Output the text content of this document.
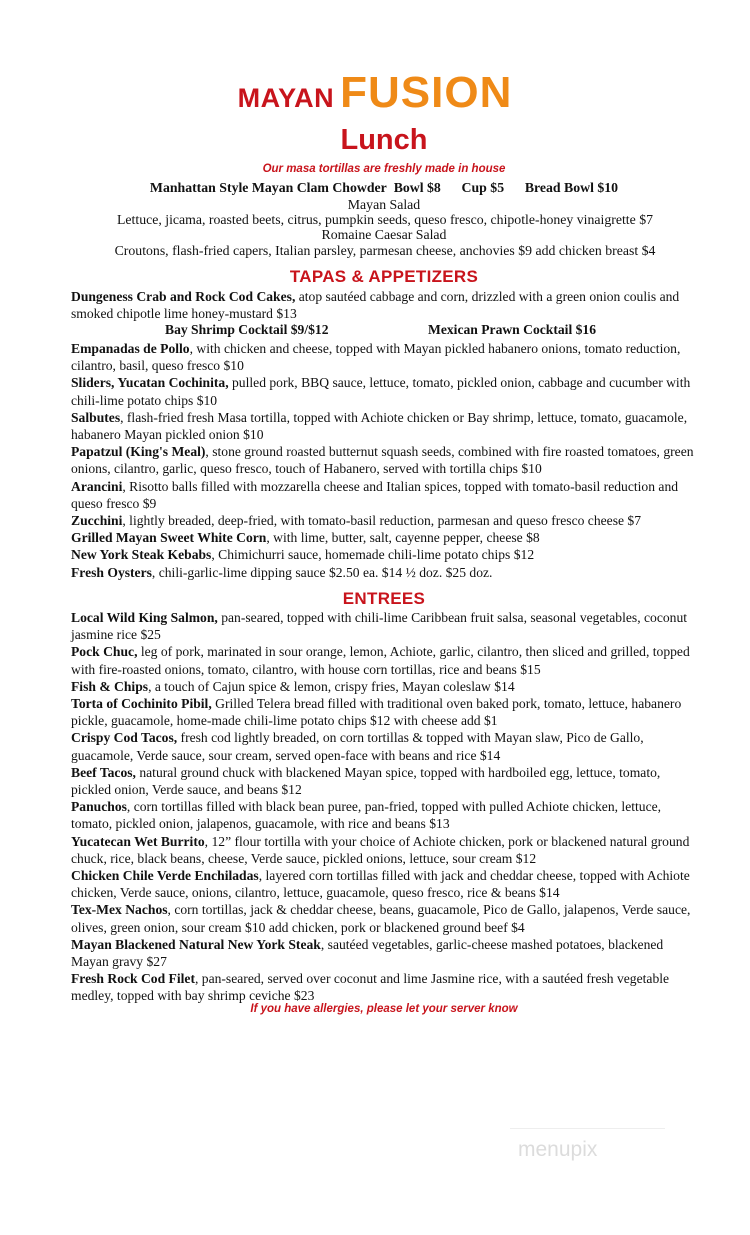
MAYAN FUSION
Lunch
Our masa tortillas are freshly made in house
Manhattan Style Mayan Clam Chowder Bowl $8 Cup $5 Bread Bowl $10
Mayan Salad
Lettuce, jicama, roasted beets, citrus, pumpkin seeds, queso fresco, chipotle-honey vinaigrette $7
Romaine Caesar Salad
Croutons, flash-fried capers, Italian parsley, parmesan cheese, anchovies $9 add chicken breast $4
TAPAS & APPETIZERS

Dungeness Crab and Rock Cod Cakes, atop sautéed cabbage and corn, drizzled with a green onion coulis and smoked chipotle lime honey-mustard $13

Bay Shrimp Cocktail $9/$12	Mexican Prawn Cocktail $16

Empanadas de Pollo, with chicken and cheese, topped with Mayan pickled habanero onions, tomato reduction, cilantro, basil, queso fresco $10

Sliders, Yucatan Cochinita, pulled pork, BBQ sauce, lettuce, tomato, pickled onion, cabbage and cucumber with chili-lime potato chips $10

Salbutes, flash-fried fresh Masa tortilla, topped with Achiote chicken or Bay shrimp, lettuce, tomato, guacamole, habanero Mayan pickled onion $10

Papatzul (King's Meal), stone ground roasted butternut squash seeds, combined with fire roasted tomatoes, green onions, cilantro, garlic, queso fresco, touch of Habanero, served with tortilla chips $10

Arancini, Risotto balls filled with mozzarella cheese and Italian spices, topped with tomato-basil reduction and queso fresco $9

Zucchini, lightly breaded, deep-fried, with tomato-basil reduction, parmesan and queso fresco cheese $7

Grilled Mayan Sweet White Corn, with lime, butter, salt, cayenne pepper, cheese $8

New York Steak Kebabs, Chimichurri sauce, homemade chili-lime potato chips $12

Fresh Oysters, chili-garlic-lime dipping sauce $2.50 ea. $14 ½ doz. $25 doz.

ENTREES

Local Wild King Salmon, pan-seared, topped with chili-lime Caribbean fruit salsa, seasonal vegetables, coconut jasmine rice $25

Pock Chuc, leg of pork, marinated in sour orange, lemon, Achiote, garlic, cilantro, then sliced and grilled, topped with fire-roasted onions, tomato, cilantro, with house corn tortillas, rice and beans $15

Fish & Chips, a touch of Cajun spice & lemon, crispy fries, Mayan coleslaw $14

Torta of Cochinito Pibil, Grilled Telera bread filled with traditional oven baked pork, tomato, lettuce, habanero pickle, guacamole, home-made chili-lime potato chips $12 with cheese add $1

Crispy Cod Tacos, fresh cod lightly breaded, on corn tortillas & topped with Mayan slaw, Pico de Gallo, guacamole, Verde sauce, sour cream, served open-face with beans and rice $14

Beef Tacos, natural ground chuck with blackened Mayan spice, topped with hardboiled egg, lettuce, tomato, pickled onion, Verde sauce, and beans $12

Panuchos, corn tortillas filled with black bean puree, pan-fried, topped with pulled Achiote chicken, lettuce, tomato, pickled onion, jalapenos, guacamole, with rice and beans $13

Yucatecan Wet Burrito, 12” flour tortilla with your choice of Achiote chicken, pork or blackened natural ground chuck, rice, black beans, cheese, Verde sauce, pickled onions, lettuce, sour cream $12

Chicken Chile Verde Enchiladas, layered corn tortillas filled with jack and cheddar cheese, topped with Achiote chicken, Verde sauce, onions, cilantro, lettuce, guacamole, queso fresco, rice & beans $14

Tex-Mex Nachos, corn tortillas, jack & cheddar cheese, beans, guacamole, Pico de Gallo, jalapenos, Verde sauce, olives, green onion, sour cream $10 add chicken, pork or blackened ground beef $4

Mayan Blackened Natural New York Steak, sautéed vegetables, garlic-cheese mashed potatoes, blackened Mayan gravy $27

Fresh Rock Cod Filet, pan-seared, served over coconut and lime Jasmine rice, with a sautéed fresh vegetable medley, topped with bay shrimp ceviche $23

If you have allergies, please let your server know
menupix
